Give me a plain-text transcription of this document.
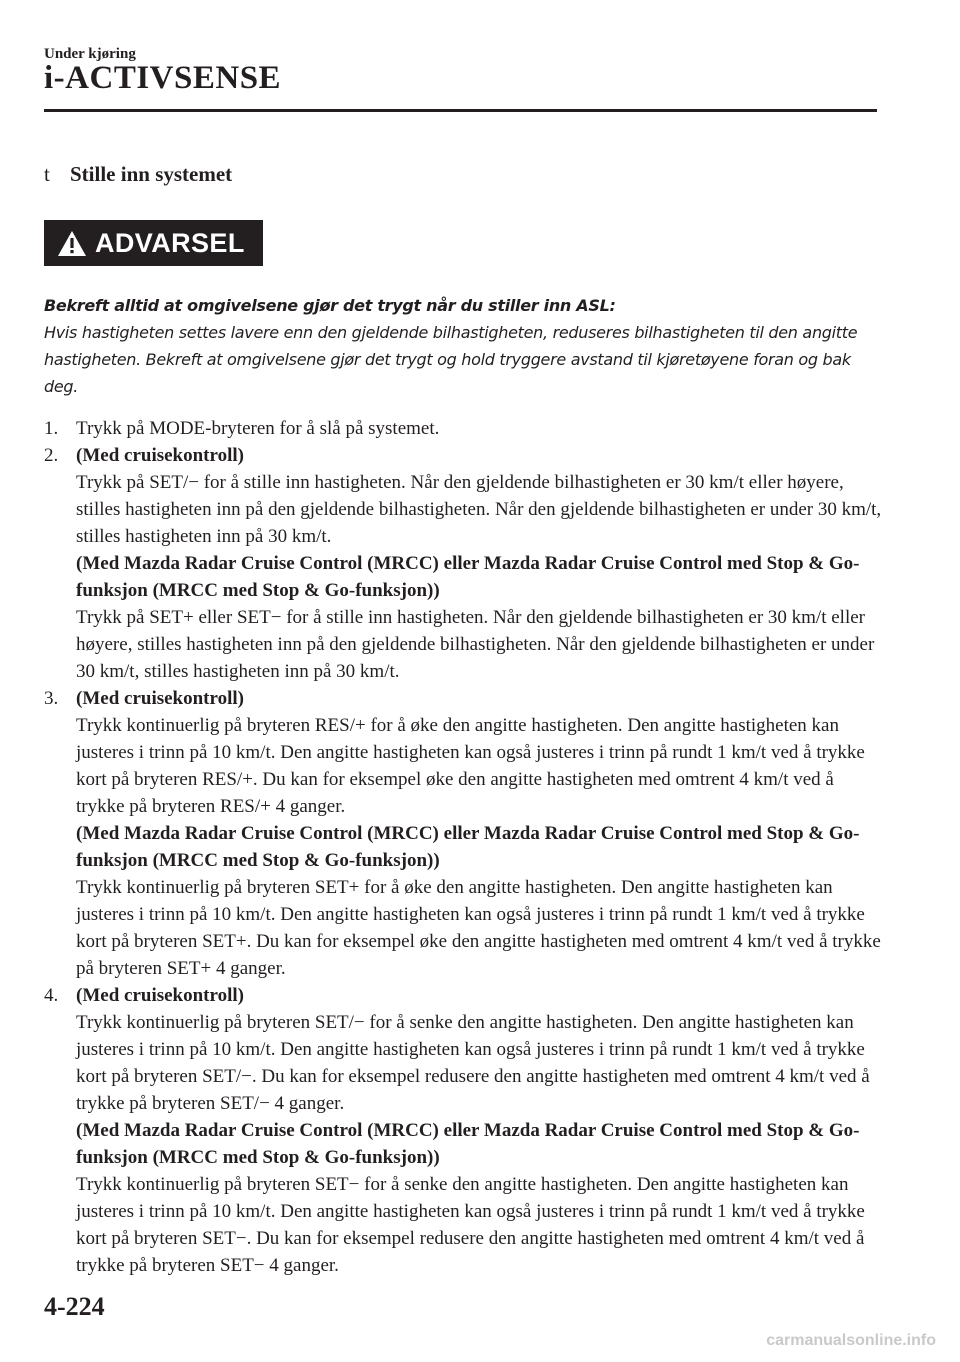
Under kjøring
i-ACTIVSENSE
t Stille inn systemet
ADVARSEL
Bekreft alltid at omgivelsene gjør det trygt når du stiller inn ASL:
Hvis hastigheten settes lavere enn den gjeldende bilhastigheten, reduseres bilhastigheten til den angitte hastigheten. Bekreft at omgivelsene gjør det trygt og hold tryggere avstand til kjøretøyene foran og bak deg.
1. Trykk på MODE-bryteren for å slå på systemet.
2. (Med cruisekontroll)
Trykk på SET/− for å stille inn hastigheten. Når den gjeldende bilhastigheten er 30 km/t eller høyere, stilles hastigheten inn på den gjeldende bilhastigheten. Når den gjeldende bilhastigheten er under 30 km/t, stilles hastigheten inn på 30 km/t.
(Med Mazda Radar Cruise Control (MRCC) eller Mazda Radar Cruise Control med Stop & Go-funksjon (MRCC med Stop & Go-funksjon))
Trykk på SET+ eller SET− for å stille inn hastigheten. Når den gjeldende bilhastigheten er 30 km/t eller høyere, stilles hastigheten inn på den gjeldende bilhastigheten. Når den gjeldende bilhastigheten er under 30 km/t, stilles hastigheten inn på 30 km/t.
3. (Med cruisekontroll)
Trykk kontinuerlig på bryteren RES/+ for å øke den angitte hastigheten. Den angitte hastigheten kan justeres i trinn på 10 km/t. Den angitte hastigheten kan også justeres i trinn på rundt 1 km/t ved å trykke kort på bryteren RES/+. Du kan for eksempel øke den angitte hastigheten med omtrent 4 km/t ved å trykke på bryteren RES/+ 4 ganger.
(Med Mazda Radar Cruise Control (MRCC) eller Mazda Radar Cruise Control med Stop & Go-funksjon (MRCC med Stop & Go-funksjon))
Trykk kontinuerlig på bryteren SET+ for å øke den angitte hastigheten. Den angitte hastigheten kan justeres i trinn på 10 km/t. Den angitte hastigheten kan også justeres i trinn på rundt 1 km/t ved å trykke kort på bryteren SET+. Du kan for eksempel øke den angitte hastigheten med omtrent 4 km/t ved å trykke på bryteren SET+ 4 ganger.
4. (Med cruisekontroll)
Trykk kontinuerlig på bryteren SET/− for å senke den angitte hastigheten. Den angitte hastigheten kan justeres i trinn på 10 km/t. Den angitte hastigheten kan også justeres i trinn på rundt 1 km/t ved å trykke kort på bryteren SET/−. Du kan for eksempel redusere den angitte hastigheten med omtrent 4 km/t ved å trykke på bryteren SET/− 4 ganger.
(Med Mazda Radar Cruise Control (MRCC) eller Mazda Radar Cruise Control med Stop & Go-funksjon (MRCC med Stop & Go-funksjon))
Trykk kontinuerlig på bryteren SET− for å senke den angitte hastigheten. Den angitte hastigheten kan justeres i trinn på 10 km/t. Den angitte hastigheten kan også justeres i trinn på rundt 1 km/t ved å trykke kort på bryteren SET−. Du kan for eksempel redusere den angitte hastigheten med omtrent 4 km/t ved å trykke på bryteren SET− 4 ganger.
4-224
carmanualsonline.info
